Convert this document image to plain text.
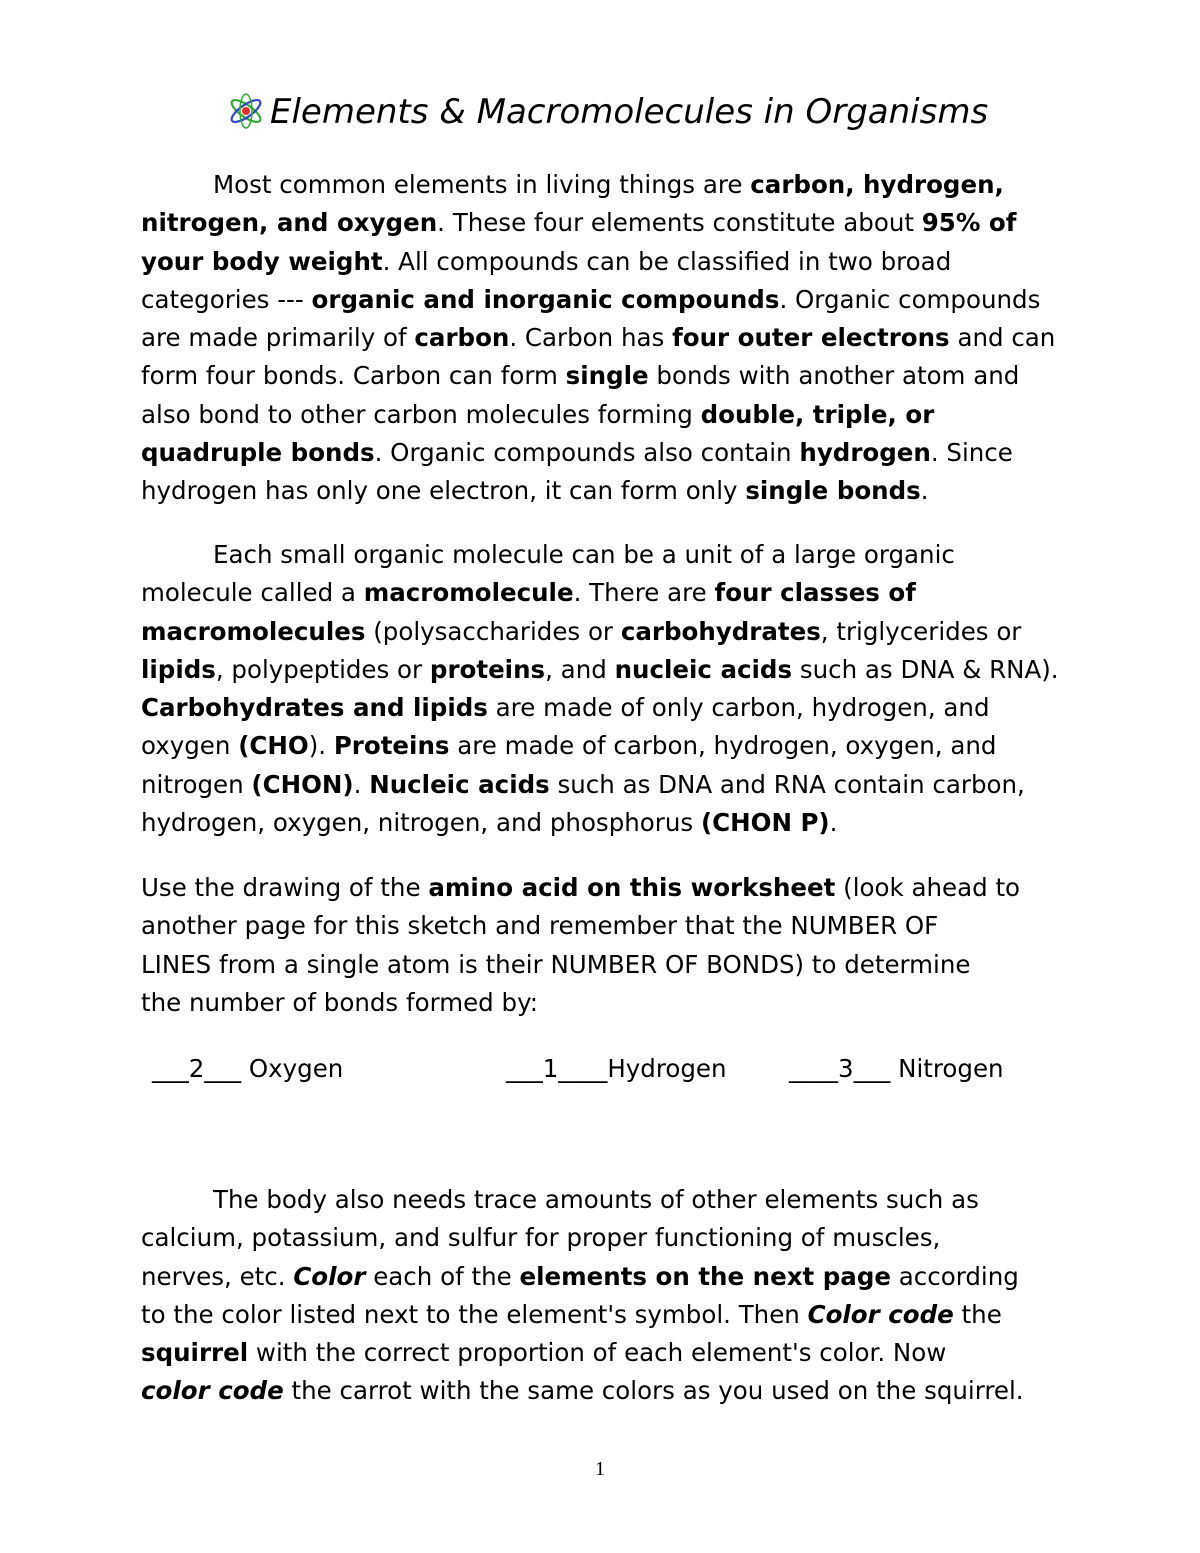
Elements & Macromolecules in Organisms
Most common elements in living things are carbon, hydrogen,
nitrogen, and oxygen. These four elements constitute about 95% of
your body weight. All compounds can be classified in two broad
categories --- organic and inorganic compounds. Organic compounds
are made primarily of carbon. Carbon has four outer electrons and can
form four bonds. Carbon can form single bonds with another atom and
also bond to other carbon molecules forming double, triple, or
quadruple bonds. Organic compounds also contain hydrogen. Since
hydrogen has only one electron, it can form only single bonds.
Each small organic molecule can be a unit of a large organic
molecule called a macromolecule. There are four classes of
macromolecules (polysaccharides or carbohydrates, triglycerides or
lipids, polypeptides or proteins, and nucleic acids such as DNA & RNA).
Carbohydrates and lipids are made of only carbon, hydrogen, and
oxygen (CHO). Proteins are made of carbon, hydrogen, oxygen, and
nitrogen (CHON). Nucleic acids such as DNA and RNA contain carbon,
hydrogen, oxygen, nitrogen, and phosphorus (CHON P).
Use the drawing of the amino acid on this worksheet (look ahead to
another page for this sketch and remember that the NUMBER OF
LINES from a single atom is their NUMBER OF BONDS) to determine
the number of bonds formed by:
___2___ Oxygen	___1____Hydrogen	____3___ Nitrogen
The body also needs trace amounts of other elements such as
calcium, potassium, and sulfur for proper functioning of muscles,
nerves, etc. Color each of the elements on the next page according
to the color listed next to the element's symbol. Then Color code the
squirrel with the correct proportion of each element's color. Now
color code the carrot with the same colors as you used on the squirrel.
1
